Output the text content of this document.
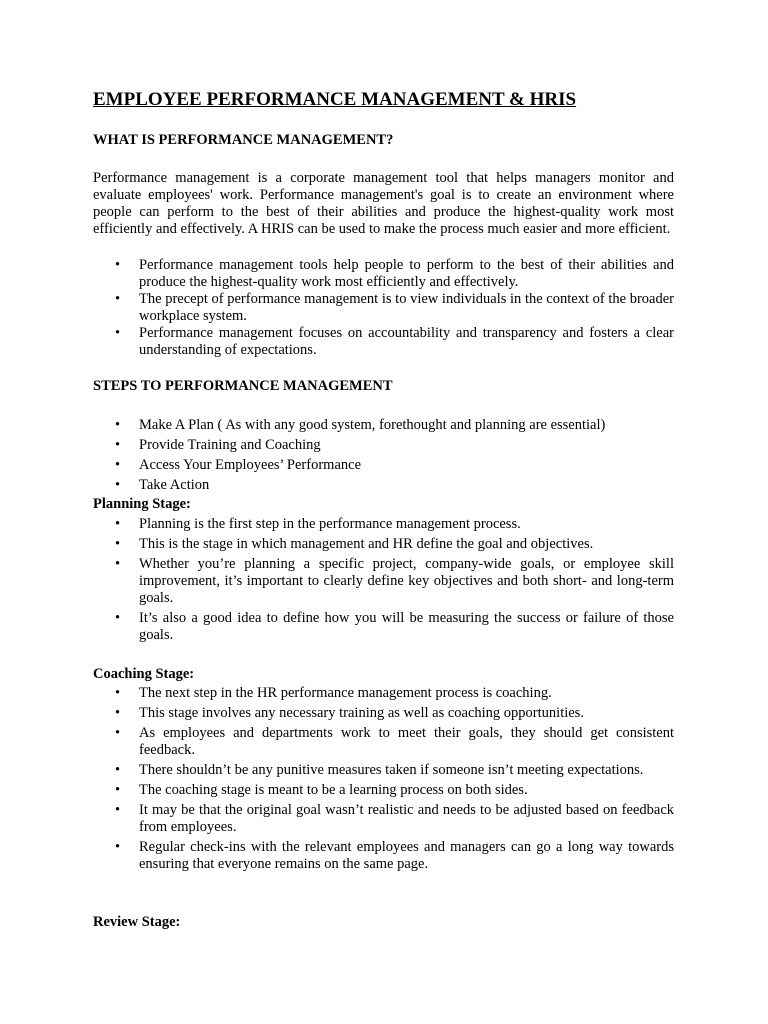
EMPLOYEE PERFORMANCE MANAGEMENT & HRIS
WHAT IS PERFORMANCE MANAGEMENT?
Performance management is a corporate management tool that helps managers monitor and evaluate employees' work. Performance management's goal is to create an environment where people can perform to the best of their abilities and produce the highest-quality work most efficiently and effectively. A HRIS can be used to make the process much easier and more efficient.
• Performance management tools help people to perform to the best of their abilities and produce the highest-quality work most efficiently and effectively.
• The precept of performance management is to view individuals in the context of the broader workplace system.
• Performance management focuses on accountability and transparency and fosters a clear understanding of expectations.
STEPS TO PERFORMANCE MANAGEMENT
• Make A Plan ( As with any good system, forethought and planning are essential)
• Provide Training and Coaching
• Access Your Employees’ Performance
• Take Action
Planning Stage:
• Planning is the first step in the performance management process.
• This is the stage in which management and HR define the goal and objectives.
• Whether you’re planning a specific project, company-wide goals, or employee skill improvement, it’s important to clearly define key objectives and both short- and long-term goals.
• It’s also a good idea to define how you will be measuring the success or failure of those goals.
Coaching Stage:
• The next step in the HR performance management process is coaching.
• This stage involves any necessary training as well as coaching opportunities.
• As employees and departments work to meet their goals, they should get consistent feedback.
• There shouldn’t be any punitive measures taken if someone isn’t meeting expectations.
• The coaching stage is meant to be a learning process on both sides.
• It may be that the original goal wasn’t realistic and needs to be adjusted based on feedback from employees.
• Regular check-ins with the relevant employees and managers can go a long way towards ensuring that everyone remains on the same page.
Review Stage:
